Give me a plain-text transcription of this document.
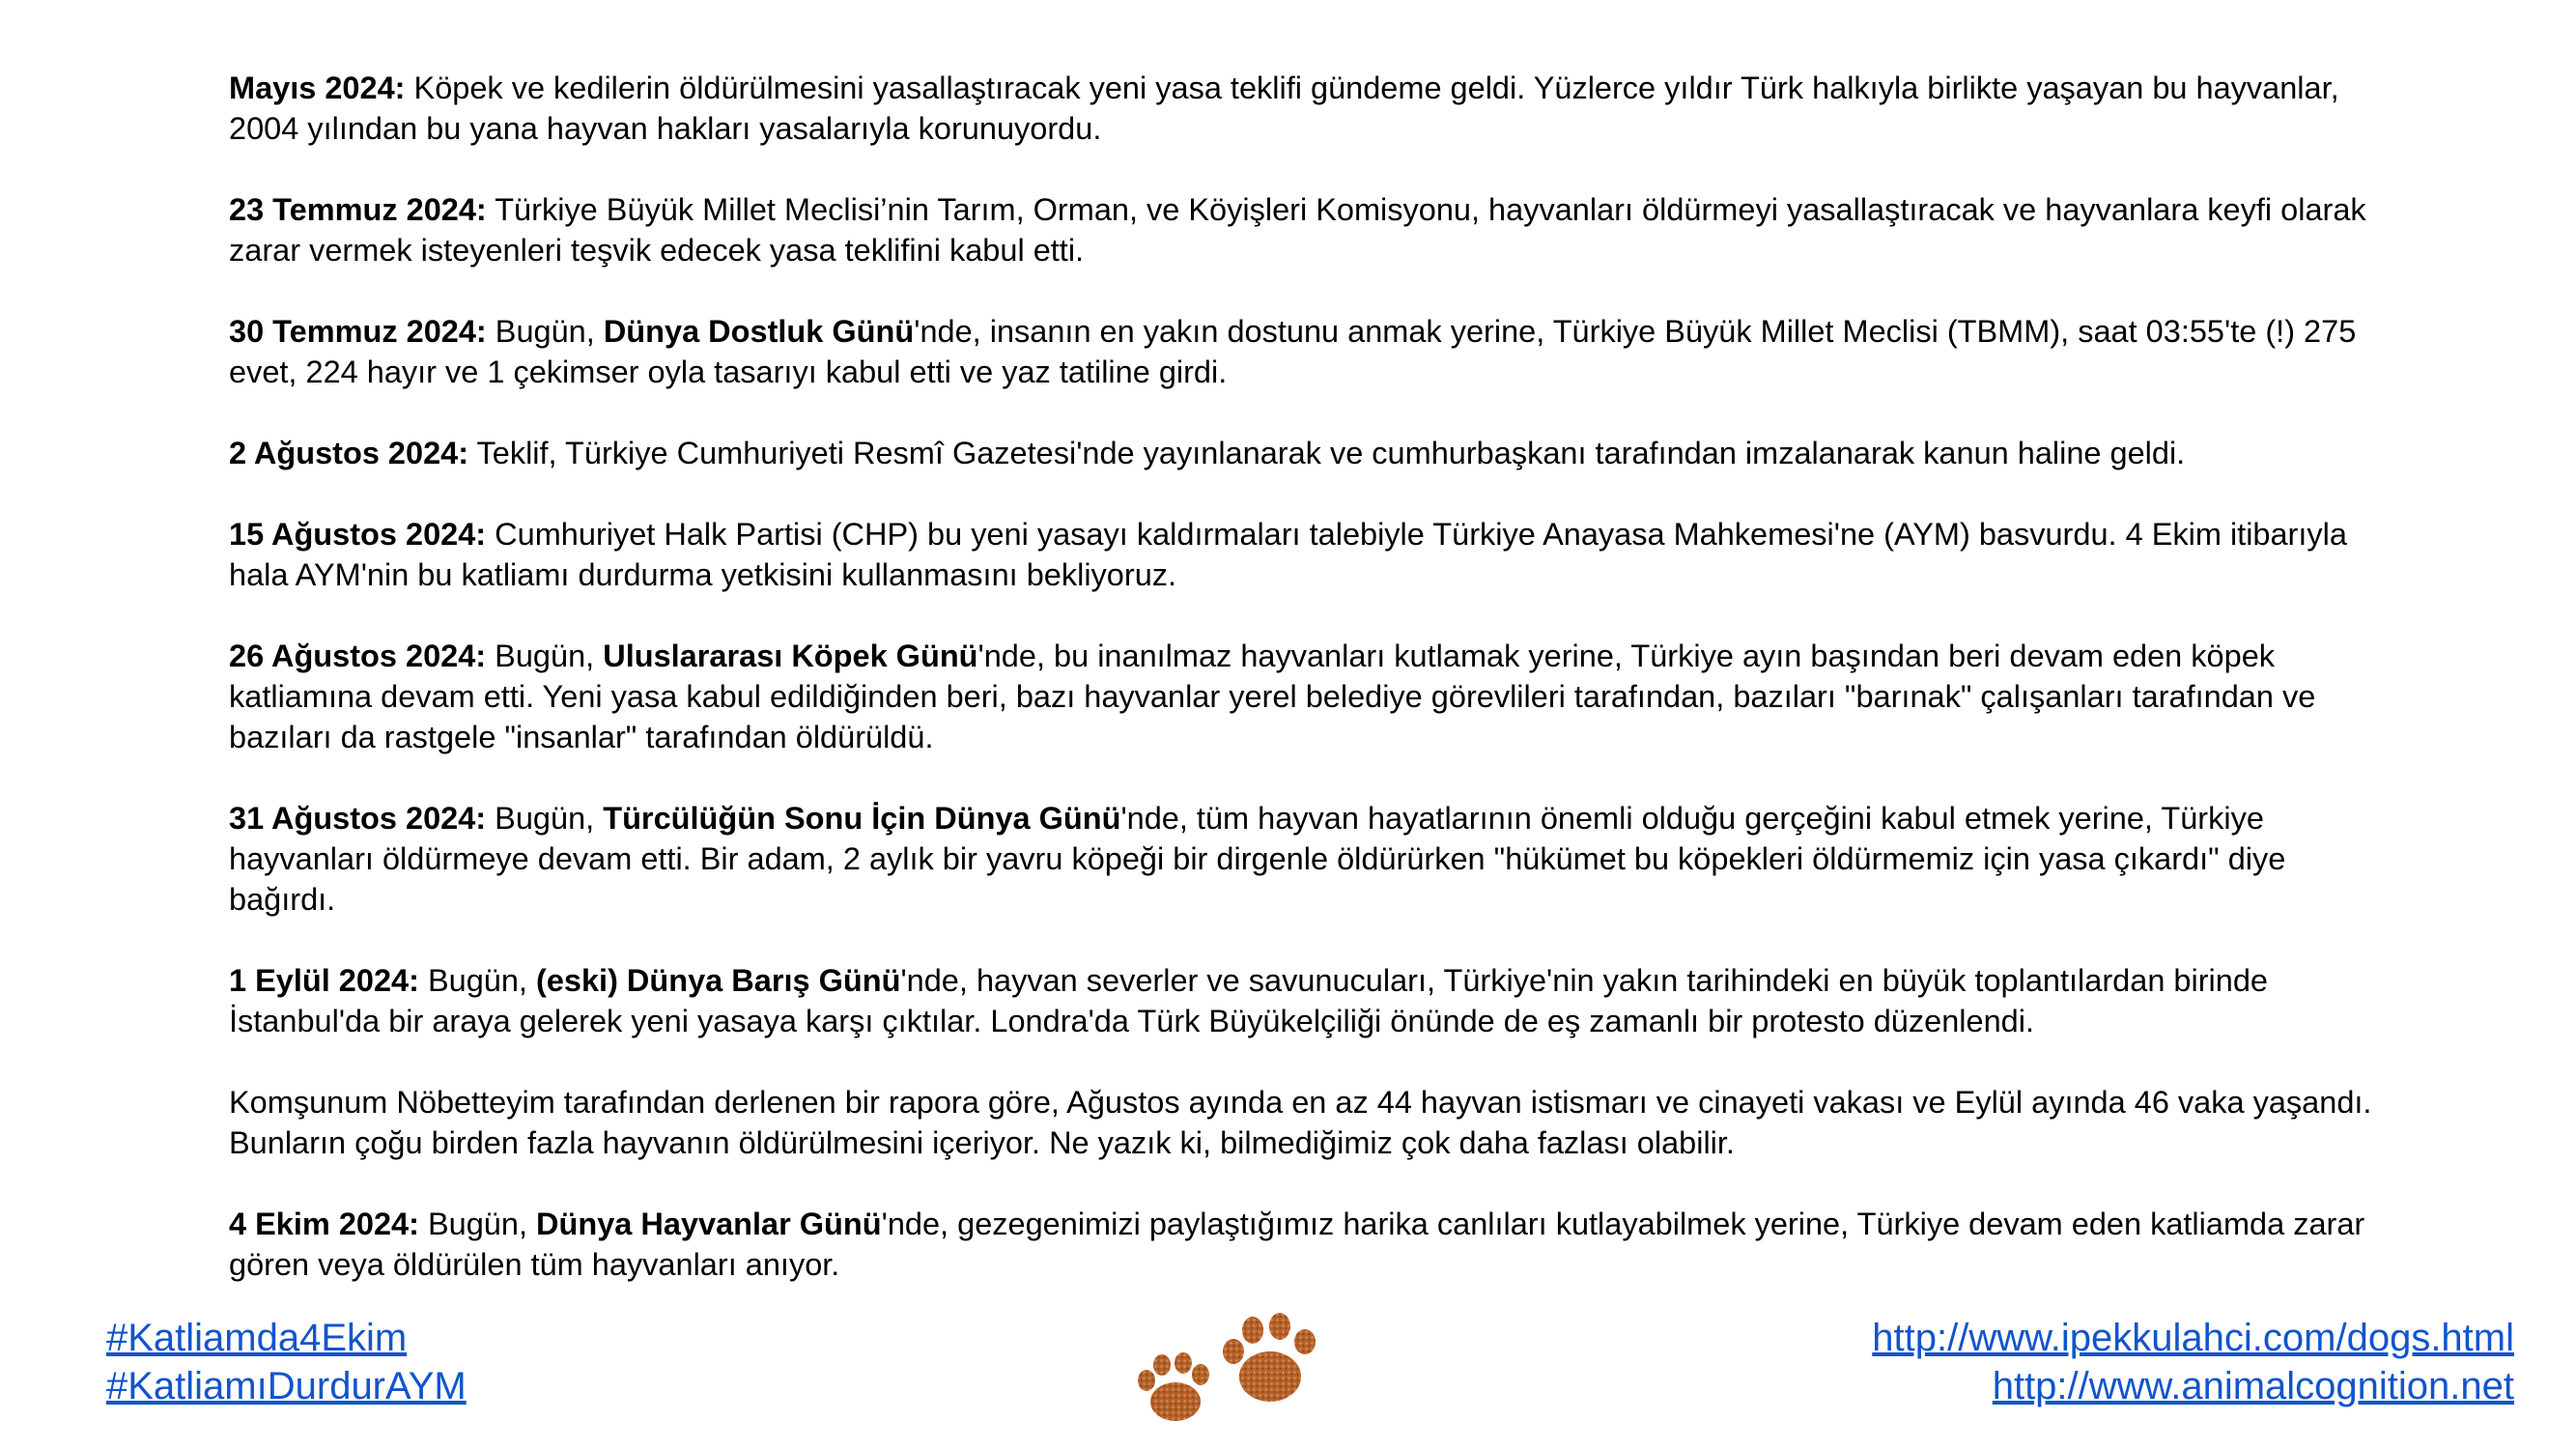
Mayıs 2024: Köpek ve kedilerin öldürülmesini yasallaştıracak yeni yasa teklifi gündeme geldi. Yüzlerce yıldır Türk halkıyla birlikte yaşayan bu hayvanlar, 2004 yılından bu yana hayvan hakları yasalarıyla korunuyordu.

23 Temmuz 2024: Türkiye Büyük Millet Meclisi’nin Tarım, Orman, ve Köyişleri Komisyonu, hayvanları öldürmeyi yasallaştıracak ve hayvanlara keyfi olarak zarar vermek isteyenleri teşvik edecek yasa teklifini kabul etti.

30 Temmuz 2024: Bugün, Dünya Dostluk Günü'nde, insanın en yakın dostunu anmak yerine, Türkiye Büyük Millet Meclisi (TBMM), saat 03:55'te (!) 275 evet, 224 hayır ve 1 çekimser oyla tasarıyı kabul etti ve yaz tatiline girdi.

2 Ağustos 2024: Teklif, Türkiye Cumhuriyeti Resmî Gazetesi'nde yayınlanarak ve cumhurbaşkanı tarafından imzalanarak kanun haline geldi.

15 Ağustos 2024: Cumhuriyet Halk Partisi (CHP) bu yeni yasayı kaldırmaları talebiyle Türkiye Anayasa Mahkemesi'ne (AYM) basvurdu. 4 Ekim itibarıyla hala AYM'nin bu katliamı durdurma yetkisini kullanmasını bekliyoruz.

26 Ağustos 2024: Bugün, Uluslararası Köpek Günü'nde, bu inanılmaz hayvanları kutlamak yerine, Türkiye ayın başından beri devam eden köpek katliamına devam etti. Yeni yasa kabul edildiğinden beri, bazı hayvanlar yerel belediye görevlileri tarafından, bazıları "barınak" çalışanları tarafından ve bazıları da rastgele "insanlar" tarafından öldürüldü.

31 Ağustos 2024: Bugün, Türcülüğün Sonu İçin Dünya Günü'nde, tüm hayvan hayatlarının önemli olduğu gerçeğini kabul etmek yerine, Türkiye hayvanları öldürmeye devam etti. Bir adam, 2 aylık bir yavru köpeği bir dirgenle öldürürken "hükümet bu köpekleri öldürmemiz için yasa çıkardı" diye bağırdı.

1 Eylül 2024: Bugün, (eski) Dünya Barış Günü'nde, hayvan severler ve savunucuları, Türkiye'nin yakın tarihindeki en büyük toplantılardan birinde İstanbul'da bir araya gelerek yeni yasaya karşı çıktılar. Londra'da Türk Büyükelçiliği önünde de eş zamanlı bir protesto düzenlendi.

Komşunum Nöbetteyim tarafından derlenen bir rapora göre, Ağustos ayında en az 44 hayvan istismarı ve cinayeti vakası ve Eylül ayında 46 vaka yaşandı. Bunların çoğu birden fazla hayvanın öldürülmesini içeriyor. Ne yazık ki, bilmediğimiz çok daha fazlası olabilir.

4 Ekim 2024: Bugün, Dünya Hayvanlar Günü'nde, gezegenimizi paylaştığımız harika canlıları kutlayabilmek yerine, Türkiye devam eden katliamda zarar gören veya öldürülen tüm hayvanları anıyor.

#Katliamda4Ekim
#KatliamıDurdurAYM
http://www.ipekkulahci.com/dogs.html
http://www.animalcognition.net
